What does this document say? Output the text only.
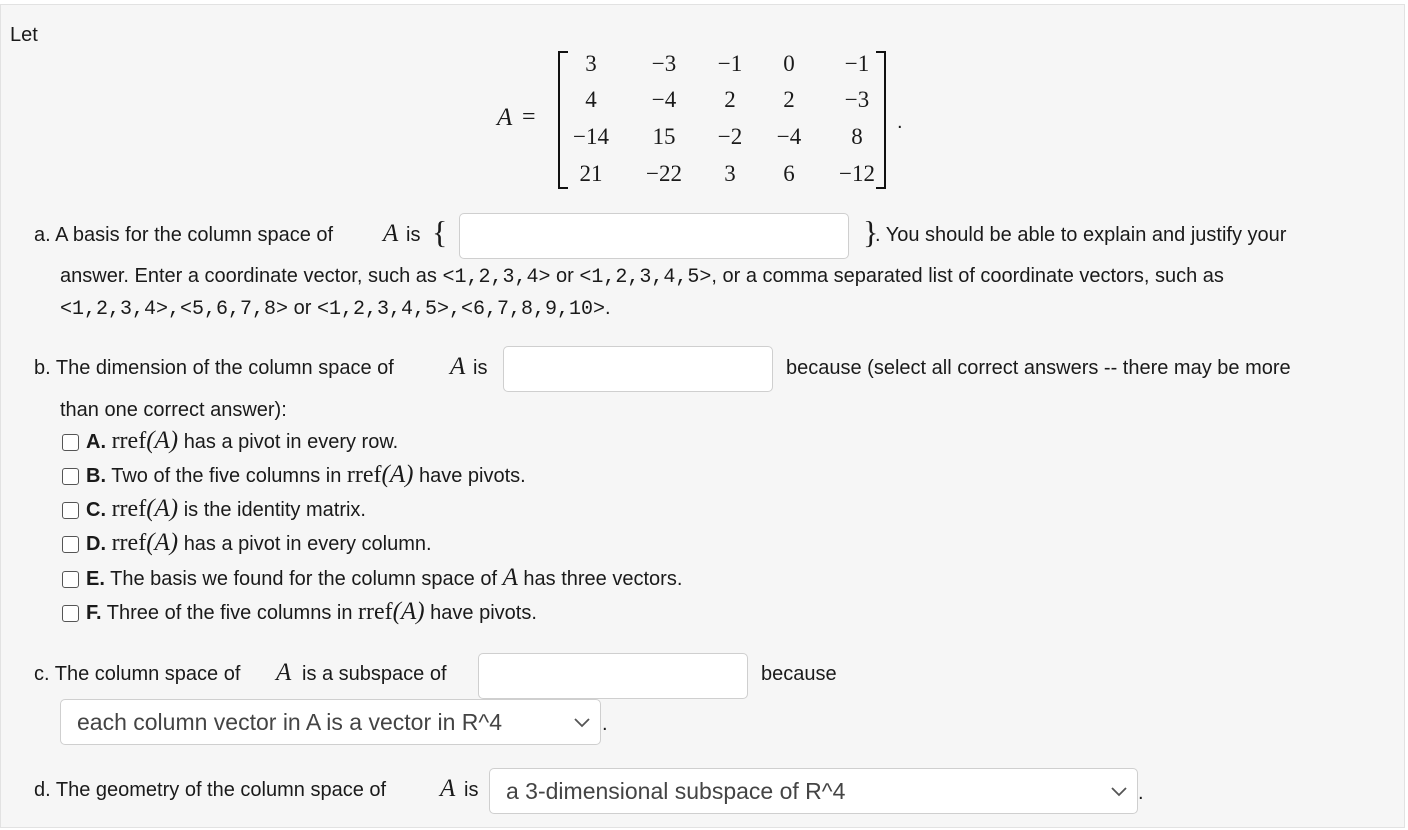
Let
A =
3	−3	−1	0	−1
4	−4	2	2	−3
−14	15	−2	−4	8
21	−22	3	6	−12
.
a. A basis for the column space of A is {	}
. You should be able to explain and justify your
answer. Enter a coordinate vector, such as <1,2,3,4> or <1,2,3,4,5>, or a comma separated list of coordinate vectors, such as
<1,2,3,4>,<5,6,7,8> or <1,2,3,4,5>,<6,7,8,9,10>.
b. The dimension of the column space of A is	because (select all correct answers -- there may be more
than one correct answer):
A. rref(A) has a pivot in every row.
B. Two of the five columns in rref(A) have pivots.
C. rref(A) is the identity matrix.
D. rref(A) has a pivot in every column.
E. The basis we found for the column space of A has three vectors.
F. Three of the five columns in rref(A) have pivots.
c. The column space of A is a subspace of	because
each column vector in A is a vector in R^4	.
d. The geometry of the column space of A is a 3-dimensional subspace of R^4	.
